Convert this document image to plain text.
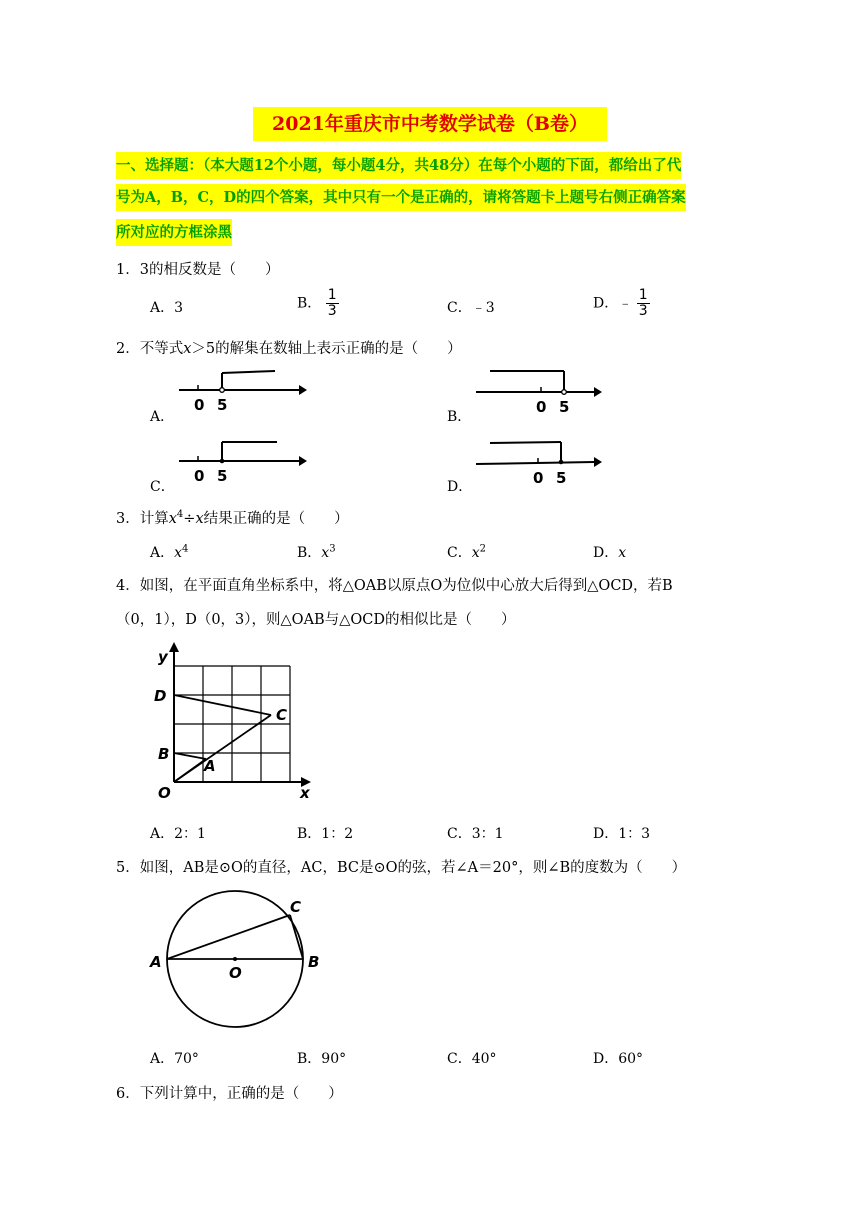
2021年重庆市中考数学试卷（B卷）
一、选择题：（本大题12个小题，每小题4分，共48分）在每个小题的下面，都给出了代
号为A，B，C，D的四个答案，其中只有一个是正确的，请将答题卡上题号右侧正确答案
所对应的方框涂黑
1．3的相反数是（　　）
A．3	B． $\frac{1}{3}$	C．﹣3	D．﹣ $\frac{1}{3}$
2．不等式x＞5的解集在数轴上表示正确的是（　　）
A．
0 5
B．
0 5
C．
0 5
D．	0 5
3．计算$x^4\div x$结果正确的是（　　）
A．$x^4$	B．$x^3$	C．$x^2$	D．x
4．如图，在平面直角坐标系中，将△OAB以原点O为位似中心放大后得到△OCD，若B
（0，1），D（0，3），则△OAB与△OCD的相似比是（　　）
y
x
D
C
B
A
O
A．2：1	B．1：2	C．3：1	D．1：3
5．如图，AB是⊙O的直径，AC，BC是⊙O的弦，若∠A＝20°，则∠B的度数为（　　）
A	B
C
O
A．70°	B．90°	C．40°	D．60°
6．下列计算中，正确的是（　　）
